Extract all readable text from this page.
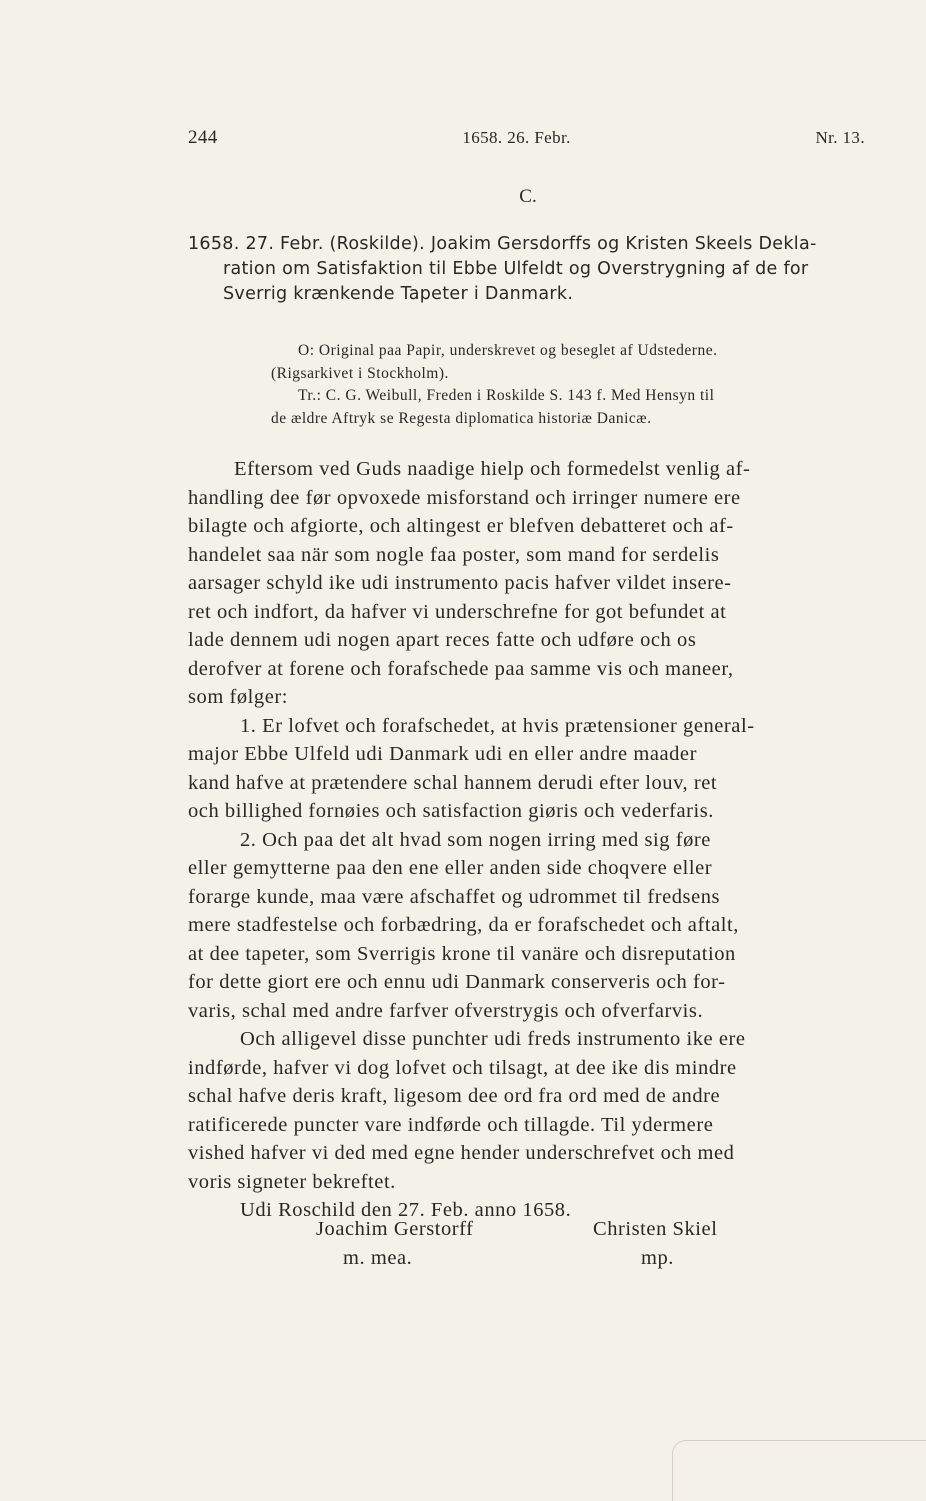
244	1658. 26. Febr.	Nr. 13.
C.
1658. 27. Febr. (Roskilde). Joakim Gersdorffs og Kristen Skeels Dekla-
ration om Satisfaktion til Ebbe Ulfeldt og Overstrygning af de for
Sverrig krænkende Tapeter i Danmark.
O: Original paa Papir, underskrevet og beseglet af Udstederne.
(Rigsarkivet i Stockholm).
Tr.: C. G. Weibull, Freden i Roskilde S. 143 f. Med Hensyn til
de ældre Aftryk se Regesta diplomatica historiæ Danicæ.
Eftersom ved Guds naadige hielp och formedelst venlig af-
handling dee før opvoxede misforstand och irringer numere ere
bilagte och afgiorte, och altingest er blefven debatteret och af-
handelet saa när som nogle faa poster, som mand for serdelis
aarsager schyld ike udi instrumento pacis hafver vildet insere-
ret och indfort, da hafver vi underschrefne for got befundet at
lade dennem udi nogen apart reces fatte och udføre och os
derofver at forene och forafschede paa samme vis och maneer,
som følger:
1. Er lofvet och forafschedet, at hvis prætensioner general-
major Ebbe Ulfeld udi Danmark udi en eller andre maader
kand hafve at prætendere schal hannem derudi efter louv, ret
och billighed fornøies och satisfaction giøris och vederfaris.
2. Och paa det alt hvad som nogen irring med sig føre
eller gemytterne paa den ene eller anden side choqvere eller
forarge kunde, maa være afschaffet og udrommet til fredsens
mere stadfestelse och forbædring, da er forafschedet och aftalt,
at dee tapeter, som Sverrigis krone til vanäre och disreputation
for dette giort ere och ennu udi Danmark conserveris och for-
varis, schal med andre farfver ofverstrygis och ofverfarvis.
Och alligevel disse punchter udi freds instrumento ike ere
indførde, hafver vi dog lofvet och tilsagt, at dee ike dis mindre
schal hafve deris kraft, ligesom dee ord fra ord med de andre
ratificerede puncter vare indførde och tillagde. Til ydermere
vished hafver vi ded med egne hender underschrefvet och med
voris signeter bekreftet.
Udi Roschild den 27. Feb. anno 1658.
Joachim Gerstorff	Christen Skiel
m. mea.	mp.
